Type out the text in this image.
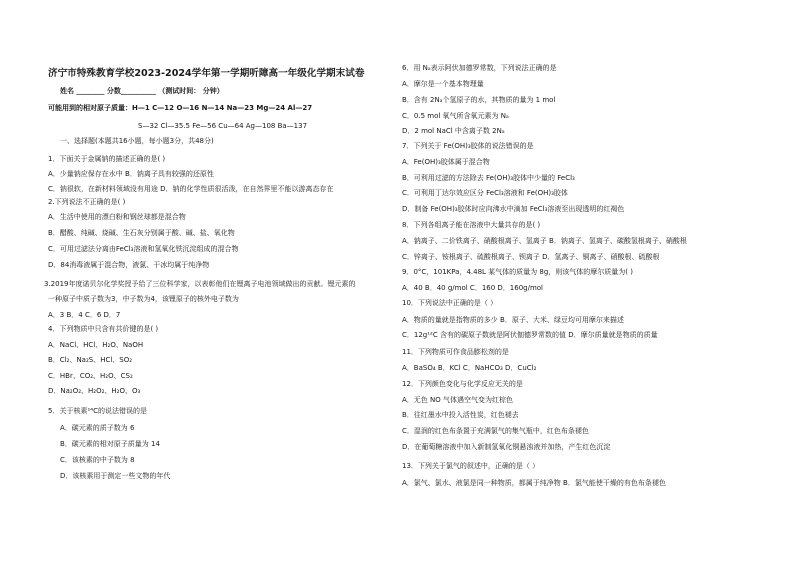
济宁市特殊教育学校2023-2024学年第一学期听障高一年级化学期末试卷
姓名 ________ 分数__________ （测试时间： 分钟）
可能用到的相对原子质量：H—1 C—12 O—16 N—14 Na—23 Mg—24 Al—27
S—32 Cl—35.5 Fe—56 Cu—64 Ag—108 Ba—137
一、选择题(本题共16小题，每小题3分，共48分)
1．下面关于金属钠的描述正确的是( )
A．少量钠应保存在水中 B．钠离子具有较强的还原性
C．钠很软，在新材料领域没有用途 D．钠的化学性质很活泼，在自然界里不能以游离态存在
2.下列说法不正确的是( )
A．生活中使用的漂白粉和钢丝球都是混合物
B．醋酸、纯碱、烧碱、生石灰分别属于酸、碱、盐、氧化物
C．可用过滤法分离由FeCl₃溶液和氢氧化铁沉淀组成的混合物
D．84消毒液属于混合物，液氯、干冰均属于纯净物
3.2019年度诺贝尔化学奖授予给了三位科学家，以表彰他们在锂离子电池领域做出的贡献。锂元素的
一种原子中质子数为3，中子数为4，该锂原子的核外电子数为
A．3 B．4 C．6 D．7
4．下列物质中只含有共价键的是( )
A．NaCl、HCl、H₂O、NaOH
B．Cl₂、Na₂S、HCl、SO₂
C．HBr、CO₂、H₂O、CS₂
D．Na₂O₂、H₂O₂、H₂O、O₃
5．关于核素¹⁴C的说法错误的是
A．碳元素的质子数为 6
B．碳元素的相对原子质量为 14
C．该核素的中子数为 8
D．该核素用于测定一些文物的年代
6．用 Nₐ表示阿伏加德罗常数，下列说法正确的是
A．摩尔是一个基本物理量
B．含有 2Nₐ个氢原子的水，其物质的量为 1 mol
C．0.5 mol 氧气所含氧元素为 Nₐ
D．2 mol NaCl 中含离子数 2Nₐ
7．下列关于 Fe(OH)₃胶体的说法错误的是
A．Fe(OH)₃胶体属于混合物
B．可利用过滤的方法除去 Fe(OH)₃胶体中少量的 FeCl₃
C．可利用丁达尔效应区分 FeCl₃溶液和 Fe(OH)₃胶体
D．制备 Fe(OH)₃胶体时应向沸水中滴加 FeCl₃溶液至出现透明的红褐色
8．下列各组离子能在溶液中大量共存的是( )
A．钠离子、二价铁离子、硝酸根离子、氢离子 B．钠离子、氢离子、碳酸氢根离子、硝酸根
C．锌离子、铵根离子、硫酸根离子、钡离子 D．氢离子、铜离子、硝酸根、硫酸根
9．0°C，101KPa，4.48L 某气体的质量为 8g，则该气体的摩尔质量为( )
A．40 B．40 g/mol C．160 D．160g/mol
10．下列说法中正确的是（ ）
A．物质的量就是指物质的多少 B．原子、大米、绿豆均可用摩尔来描述
C．12g¹²C 含有的碳原子数就是阿伏伽德罗常数的值 D．摩尔质量就是物质的质量
11．下列物质可作食品膨松剂的是
A．BaSO₄ B．KCl C．NaHCO₃ D．CuCl₂
12．下列颜色变化与化学反应无关的是
A．无色 NO 气体遇空气变为红棕色
B．往红墨水中投入活性炭，红色褪去
C．湿润的红色布条置于充满氯气的集气瓶中，红色布条褪色
D．在葡萄糖溶液中加入新制氢氧化铜悬浊液并加热，产生红色沉淀
13．下列关于氯气的叙述中，正确的是（ ）
A．氯气、氯水、液氯是同一种物质，都属于纯净物 B．氯气能使干燥的有色布条褪色
